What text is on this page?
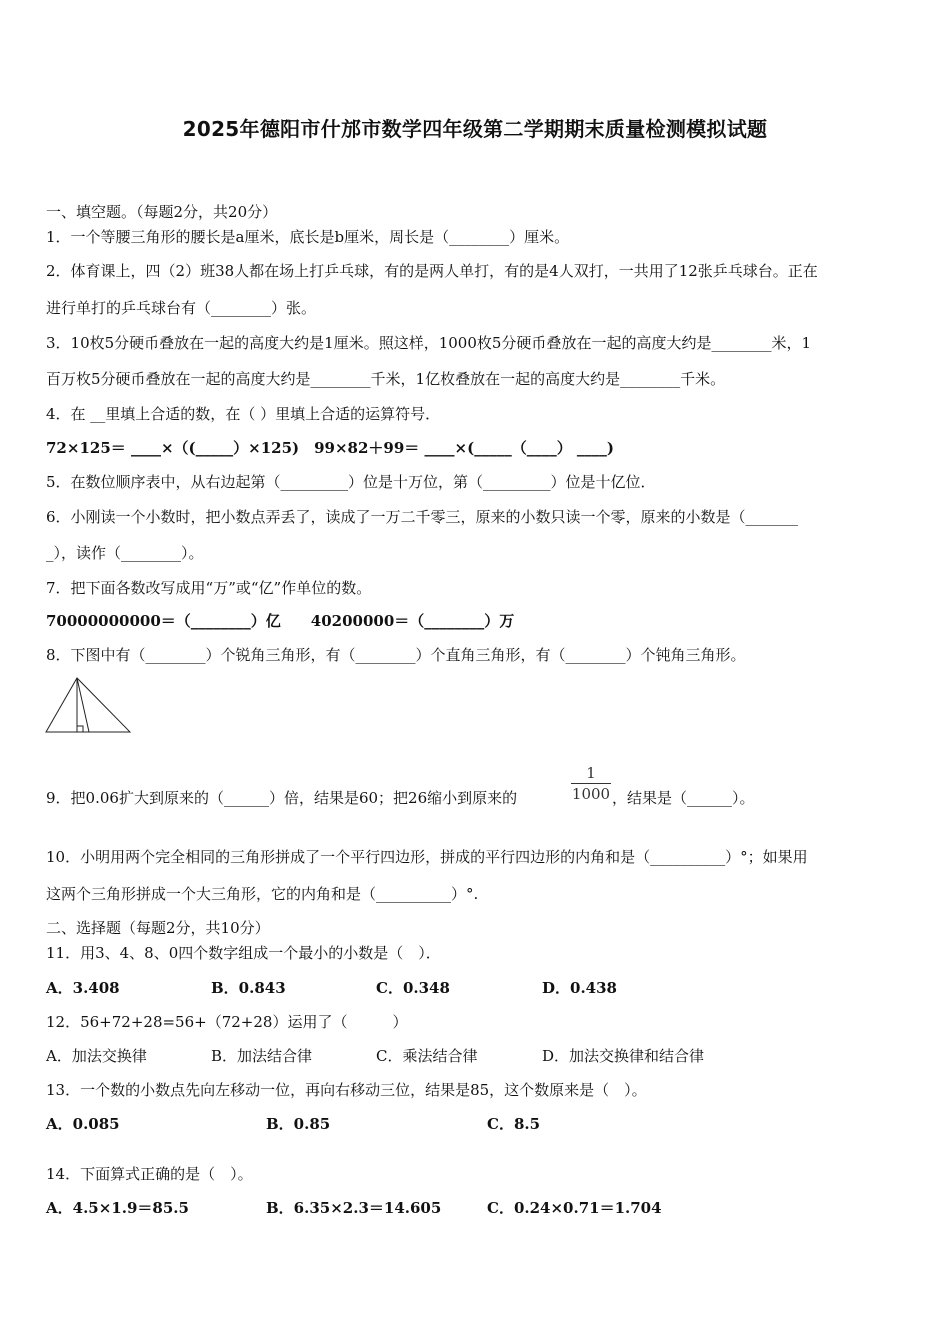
2025年德阳市什邡市数学四年级第二学期期末质量检测模拟试题
一、填空题。（每题2分，共20分）
1．一个等腰三角形的腰长是a厘米，底长是b厘米，周长是（________）厘米。
2．体育课上，四（2）班38人都在场上打乒乓球，有的是两人单打，有的是4人双打，一共用了12张乒乓球台。正在
进行单打的乒乓球台有（________）张。
3．10枚5分硬币叠放在一起的高度大约是1厘米。照这样，1000枚5分硬币叠放在一起的高度大约是________米，1
百万枚5分硬币叠放在一起的高度大约是________千米，1亿枚叠放在一起的高度大约是________千米。
4．在 __里填上合适的数，在（ ）里填上合适的运算符号．
72×125＝ ____×（(_____）×125)　99×82＋99＝ ____×(_____（____） ____)
5．在数位顺序表中，从右边起第（_________）位是十万位，第（_________）位是十亿位．
6．小刚读一个小数时，把小数点弄丢了，读成了一万二千零三，原来的小数只读一个零，原来的小数是（_______
_），读作（________）。
7．把下面各数改写成用“万”或“亿”作单位的数。
70000000000＝（________）亿　　40200000＝（________）万
8．下图中有（________）个锐角三角形，有（________）个直角三角形，有（________）个钝角三角形。
9．把0.06扩大到原来的（______）倍，结果是60；把26缩小到原来的
1
1000 ，结果是（______）。
10．小明用两个完全相同的三角形拼成了一个平行四边形，拼成的平行四边形的内角和是（__________）°；如果用
这两个三角形拼成一个大三角形，它的内角和是（__________）°.
二、选择题（每题2分，共10分）
11．用3、4、8、0四个数字组成一个最小的小数是（　）．
A．3.408	B．0.843	C．0.348	D．0.438
12．56+72+28=56+（72+28）运用了（　　　）
A．加法交换律	B．加法结合律	C．乘法结合律	D．加法交换律和结合律
13．一个数的小数点先向左移动一位，再向右移动三位，结果是85，这个数原来是（　）。
A．0.085	B．0.85	C．8.5
14．下面算式正确的是（　）。
A．4.5×1.9＝85.5	B．6.35×2.3＝14.605	C．0.24×0.71＝1.704
